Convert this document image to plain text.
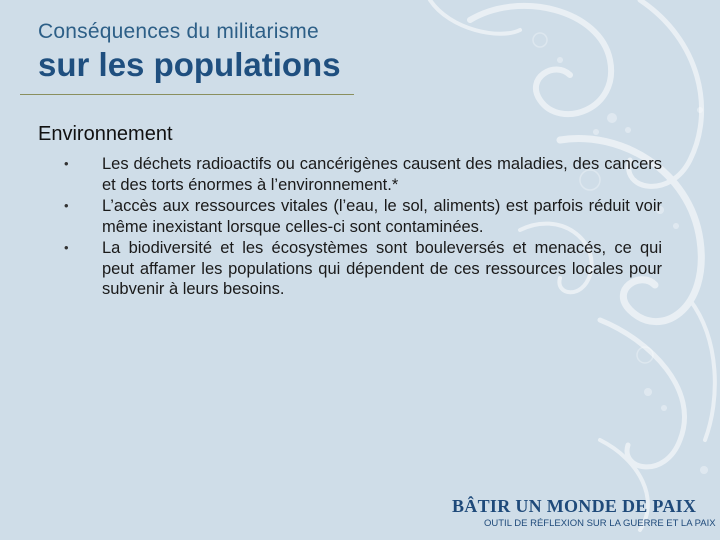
Conséquences du militarisme
sur les populations
Environnement
• Les déchets radioactifs ou cancérigènes causent des maladies, des cancers et des torts énormes à l’environnement.*
• L’accès aux ressources vitales (l’eau, le sol, aliments) est parfois réduit voir même inexistant lorsque celles-ci sont contaminées.
• La biodiversité et les écosystèmes sont bouleversés et menacés, ce qui peut affamer les populations qui dépendent de ces ressources locales pour subvenir à leurs besoins.
BÂTIR UN MONDE DE PAIX
OUTIL DE RÉFLEXION SUR LA GUERRE ET LA PAIX
